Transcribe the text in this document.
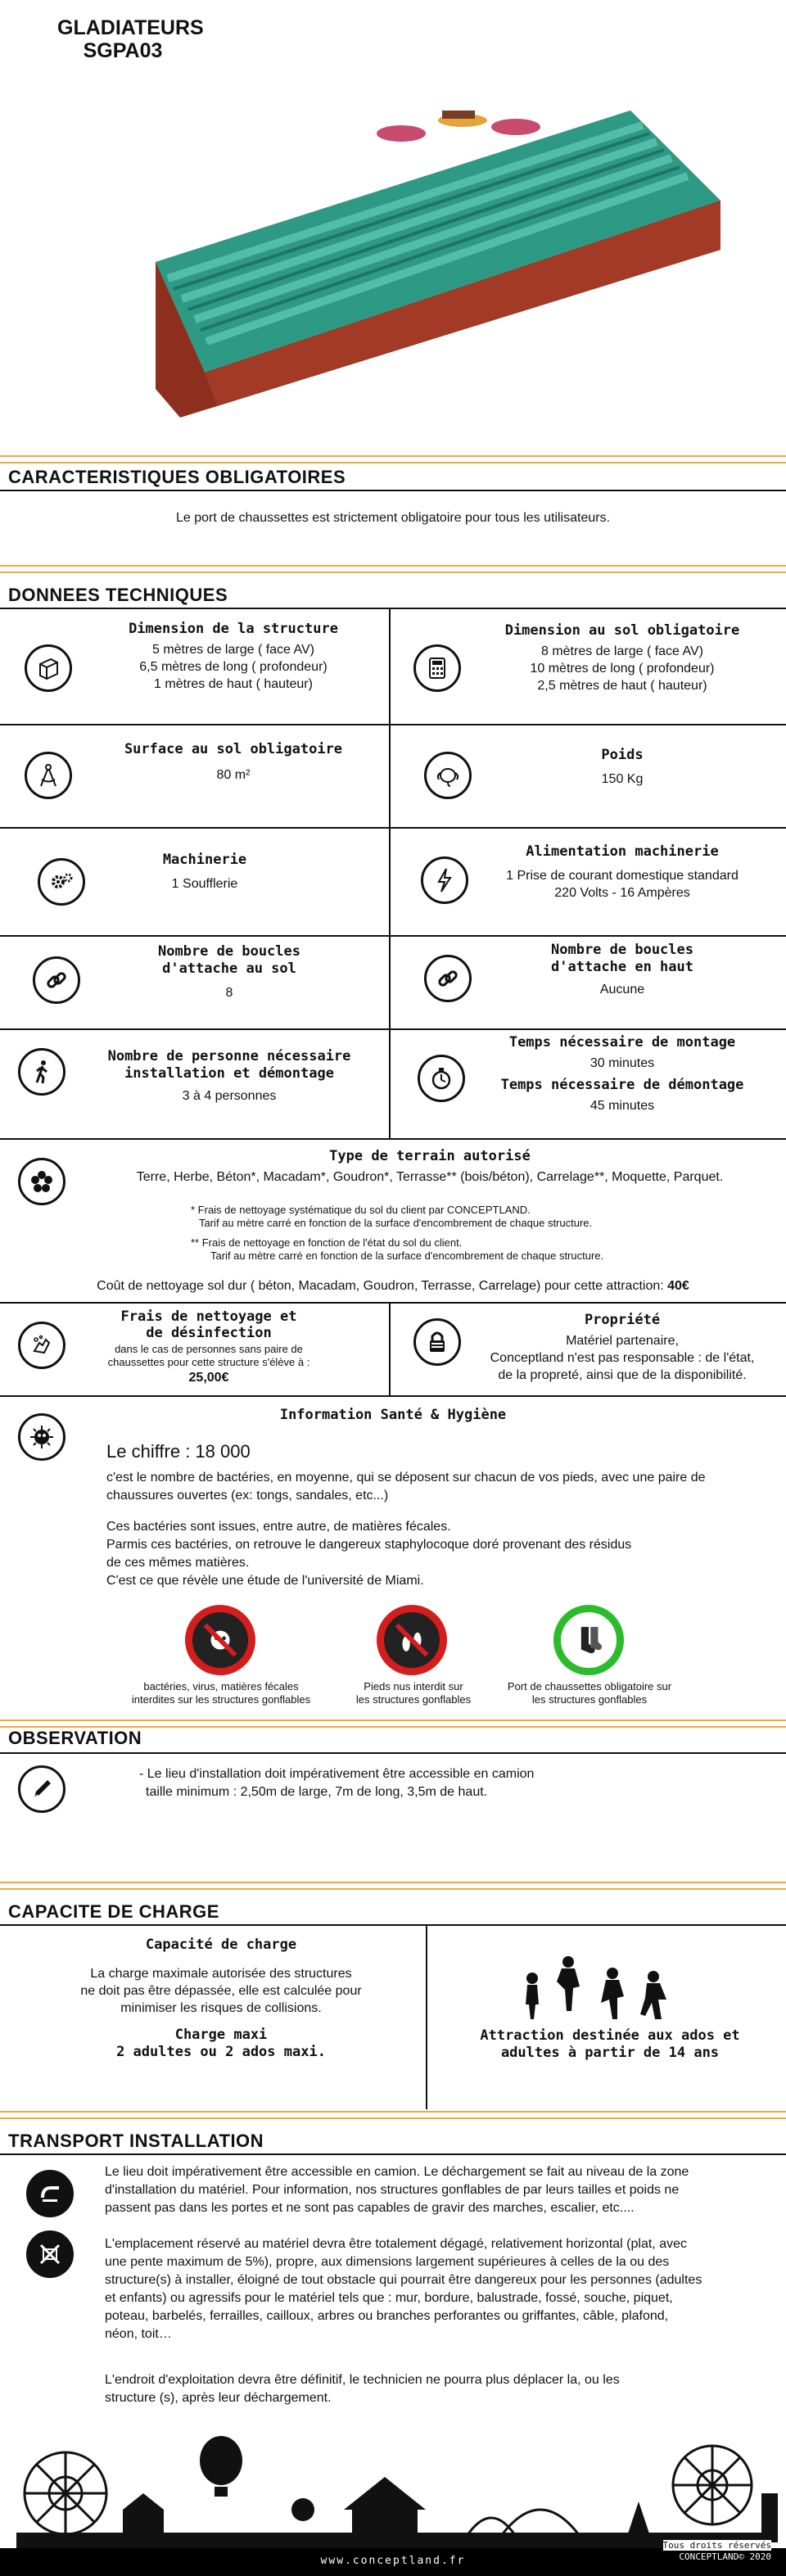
GLADIATEURS
SGPA03
CARACTERISTIQUES OBLIGATOIRES
Le port de chaussettes est strictement obligatoire pour tous les utilisateurs.
DONNEES TECHNIQUES
Dimension de la structure
5 mètres de large ( face AV)
6,5 mètres de long ( profondeur)
1 mètres de haut ( hauteur)
Dimension au sol obligatoire
8 mètres de large ( face AV)
10 mètres de long ( profondeur)
2,5 mètres de haut ( hauteur)
Surface au sol obligatoire
80 m²
Poids
150 Kg
Machinerie
1 Soufflerie
Alimentation machinerie
1 Prise de courant domestique standard
220 Volts - 16 Ampères
Nombre de boucles
d'attache au sol
8
Nombre de boucles
d'attache en haut
Aucune
Nombre de personne nécessaire
installation et démontage
3 à 4 personnes
Temps nécessaire de montage
30 minutes
Temps nécessaire de démontage
45 minutes
Type de terrain autorisé
Terre, Herbe, Béton*, Macadam*, Goudron*, Terrasse** (bois/béton), Carrelage**, Moquette, Parquet.
* Frais de nettoyage systématique du sol du client par CONCEPTLAND.
Tarif au mètre carré en fonction de la surface d'encombrement de chaque structure.
** Frais de nettoyage en fonction de l'état du sol du client.
Tarif au mètre carré en fonction de la surface d'encombrement de chaque structure.
Coût de nettoyage sol dur ( béton, Macadam, Goudron, Terrasse, Carrelage) pour cette attraction: 40€
Frais de nettoyage et
de désinfection
dans le cas de personnes sans paire de
chaussettes pour cette structure s'élève à :
25,00€
Propriété
Matériel partenaire,
Conceptland n'est pas responsable : de l'état,
de la propreté, ainsi que de la disponibilité.
Information Santé & Hygiène
Le chiffre : 18 000
c'est le nombre de bactéries, en moyenne, qui se déposent sur chacun de vos pieds, avec une paire de
chaussures ouvertes (ex: tongs, sandales, etc...)
Ces bactéries sont issues, entre autre, de matières fécales.
Parmis ces bactéries, on retrouve le dangereux staphylocoque doré provenant des résidus
de ces mêmes matières.
C'est ce que révèle une étude de l'université de Miami.
bactéries, virus, matières fécales
interdites sur les structures gonflables
Pieds nus interdit sur
les structures gonflables
Port de chaussettes obligatoire sur
les structures gonflables
OBSERVATION
- Le lieu d'installation doit impérativement être accessible en camion
taille minimum : 2,50m de large, 7m de long, 3,5m de haut.
CAPACITE DE CHARGE
Capacité de charge
La charge maximale autorisée des structures
ne doit pas être dépassée, elle est calculée pour
minimiser les risques de collisions.
Charge maxi
2 adultes ou 2 ados maxi.
Attraction destinée aux ados et
adultes à partir de 14 ans
TRANSPORT INSTALLATION
Le lieu doit impérativement être accessible en camion. Le déchargement se fait au niveau de la zone
d'installation du matériel. Pour information, nos structures gonflables de par leurs tailles et poids ne
passent pas dans les portes et ne sont pas capables de gravir des marches, escalier, etc....
L'emplacement réservé au matériel devra être totalement dégagé, relativement horizontal (plat, avec
une pente maximum de 5%), propre, aux dimensions largement supérieures à celles de la ou des
structure(s) à installer, éloigné de tout obstacle qui pourrait être dangereux pour les personnes (adultes
et enfants) ou agressifs pour le matériel tels que : mur, bordure, balustrade, fossé, souche, piquet,
poteau, barbelés, ferrailles, cailloux, arbres ou branches perforantes ou griffantes, câble, plafond,
néon, toit…
L'endroit d'exploitation devra être définitif, le technicien ne pourra plus déplacer la, ou les
structure (s), après leur déchargement.
www.conceptland.fr
Tous droits réservés
CONCEPTLAND© 2020
